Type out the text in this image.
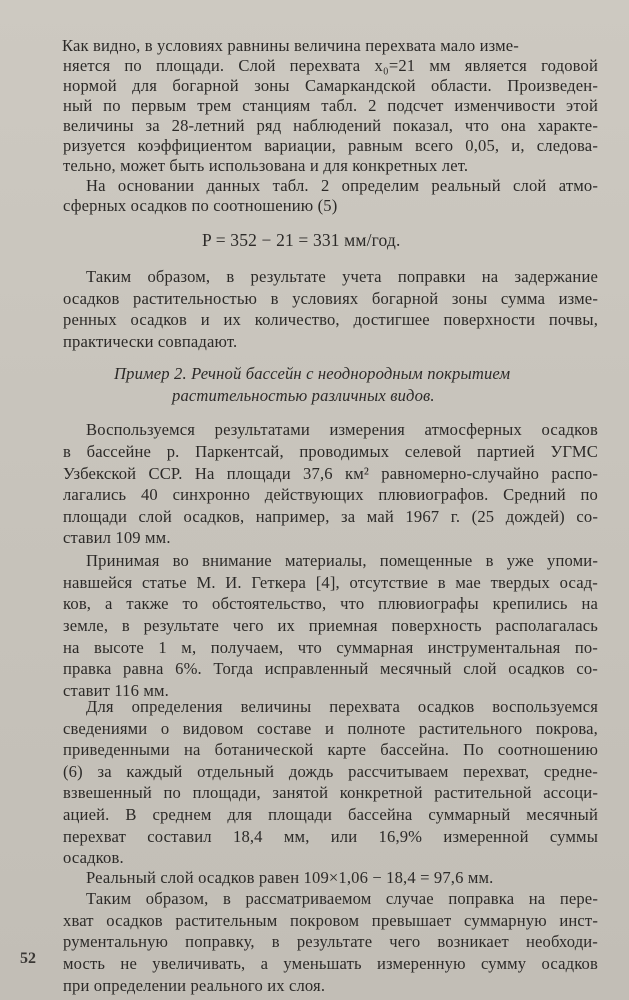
Как видно, в условиях равнины величина перехвата мало изме-
няется по площади. Слой перехвата x₀=21 мм является годовой
нормой для богарной зоны Самаркандской области. Произведен-
ный по первым трем станциям табл. 2 подсчет изменчивости этой
величины за 28-летний ряд наблюдений показал, что она характе-
ризуется коэффициентом вариации, равным всего 0,05, и, следова-
тельно, может быть использована и для конкретных лет.
На основании данных табл. 2 определим реальный слой атмо-
сферных осадков по соотношению (5)
P = 352 − 21 = 331 мм/год.
Таким образом, в результате учета поправки на задержание
осадков растительностью в условиях богарной зоны сумма изме-
ренных осадков и их количество, достигшее поверхности почвы,
практически совпадают.
Пример 2. Речной бассейн с неоднородным покрытием
растительностью различных видов.
Воспользуемся результатами измерения атмосферных осадков
в бассейне р. Паркентсай, проводимых селевой партией УГМС
Узбекской ССР. На площади 37,6 км² равномерно-случайно распо-
лагались 40 синхронно действующих плювиографов. Средний по
площади слой осадков, например, за май 1967 г. (25 дождей) со-
ставил 109 мм.
Принимая во внимание материалы, помещенные в уже упоми-
навшейся статье М. И. Геткера [4], отсутствие в мае твердых осад-
ков, а также то обстоятельство, что плювиографы крепились на
земле, в результате чего их приемная поверхность располагалась
на высоте 1 м, получаем, что суммарная инструментальная по-
правка равна 6%. Тогда исправленный месячный слой осадков со-
ставит 116 мм.
Для определения величины перехвата осадков воспользуемся
сведениями о видовом составе и полноте растительного покрова,
приведенными на ботанической карте бассейна. По соотношению
(6) за каждый отдельный дождь рассчитываем перехват, средне-
взвешенный по площади, занятой конкретной растительной ассоци-
ацией. В среднем для площади бассейна суммарный месячный
перехват составил 18,4 мм, или 16,9% измеренной суммы
осадков.
Реальный слой осадков равен 109×1,06 − 18,4 = 97,6 мм.
Таким образом, в рассматриваемом случае поправка на пере-
хват осадков растительным покровом превышает суммарную инст-
рументальную поправку, в результате чего возникает необходи-
мость не увеличивать, а уменьшать измеренную сумму осадков
52
при определении реального их слоя.
